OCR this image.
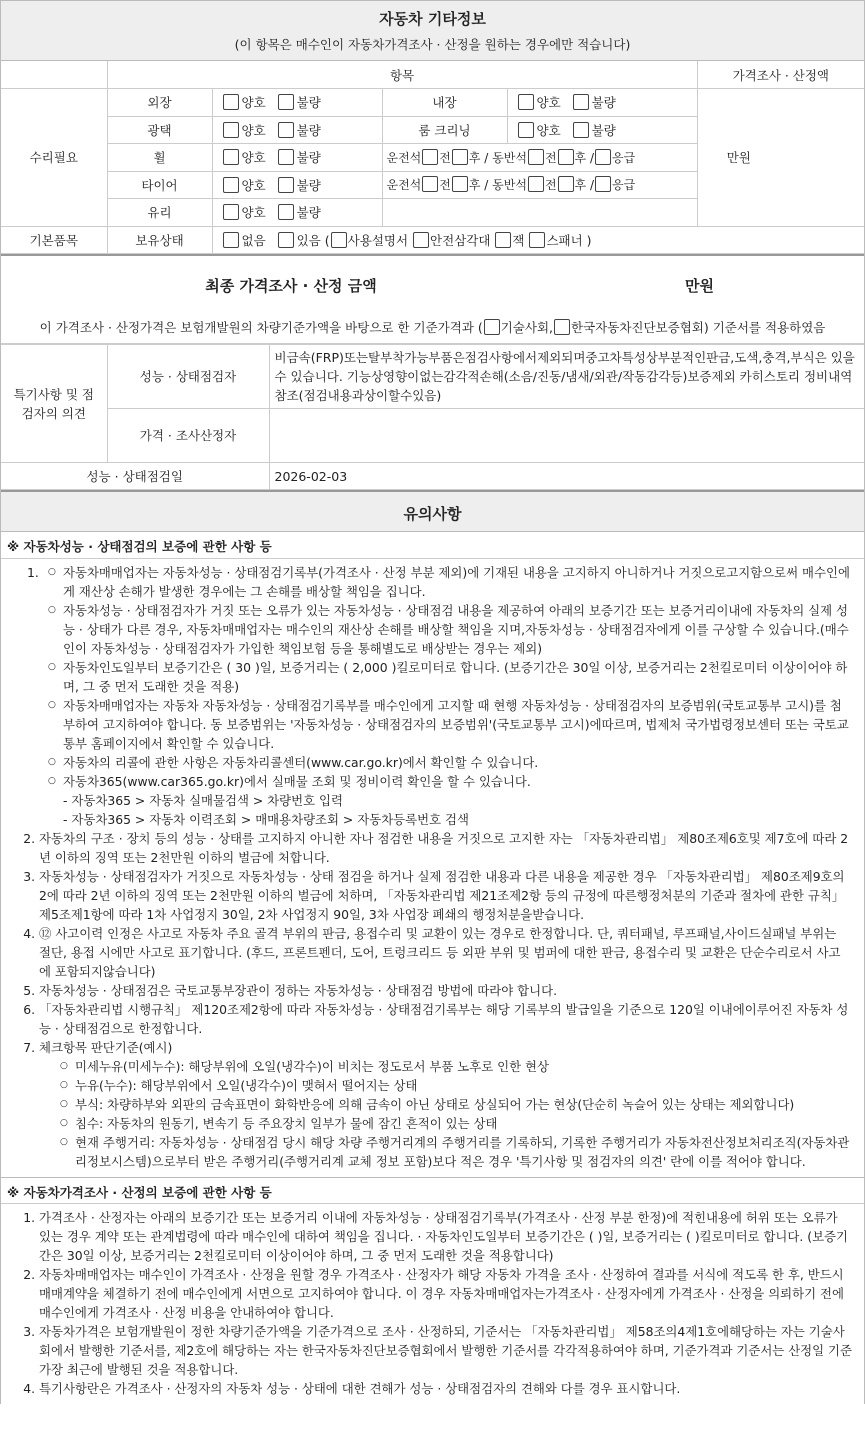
자동차 기타정보
(이 항목은 매수인이 자동차가격조사 · 산정을 원하는 경우에만 적습니다)
	항목				가격조사 · 산정액	
수리필요	외장	양호 불량	내장	양호 불량	만원	
	광택	양호 불량	룸 크리닝	양호 불량		
	휠	양호 불량	운전석 전 후 / 동반석 전 후 / 응급			
	타이어	양호 불량	운전석 전 후 / 동반석 전 후 / 응급			
	유리	양호 불량				
기본품목	보유상태	없음 있음 ( 사용설명서 안전삼각대 잭 스패너 )				
최종 가격조사 · 산정 금액	만원
이 가격조사 · 산정가격은 보험개발원의 차량기준가액을 바탕으로 한 기준가격과 ( 기술사회, 한국자동차진단보증협회) 기준서를 적용하였음
특기사항 및 점검자의 의견	성능 · 상태점검자	비금속(FRP)또는탈부착가능부품은점검사항에서제외되며중고차특성상부분적인판금,도색,충격,부식은 있을 수 있습니다. 기능상영향이없는감각적손해(소음/진동/냄새/외관/작동감각등)보증제외 카히스토리 정비내역참조(점검내용과상이할수있음)
	가격 · 조사산정자	
성능 · 상태점검일		2026-02-03
유의사항
※ 자동차성능 · 상태점검의 보증에 관한 사항 등
1. ○ 자동차매매업자는 자동차성능 · 상태점검기록부(가격조사 · 산정 부분 제외)에 기재된 내용을 고지하지 아니하거나 거짓으로고지함으로써 매수인에게 재산상 손해가 발생한 경우에는 그 손해를 배상할 책임을 집니다.
○ 자동차성능 · 상태점검자가 거짓 또는 오류가 있는 자동차성능 · 상태점검 내용을 제공하여 아래의 보증기간 또는 보증거리이내에 자동차의 실제 성능 · 상태가 다른 경우, 자동차매매업자는 매수인의 재산상 손해를 배상할 책임을 지며,자동차성능 · 상태점검자에게 이를 구상할 수 있습니다.(매수인이 자동차성능 · 상태점검자가 가입한 책임보험 등을 통해별도로 배상받는 경우는 제외)
○ 자동차인도일부터 보증기간은 ( 30 )일, 보증거리는 ( 2,000 )킬로미터로 합니다. (보증기간은 30일 이상, 보증거리는 2천킬로미터 이상이어야 하며, 그 중 먼저 도래한 것을 적용)
○ 자동차매매업자는 자동차 자동차성능 · 상태점검기록부를 매수인에게 고지할 때 현행 자동차성능 · 상태점검자의 보증범위(국토교통부 고시)를 첨부하여 고지하여야 합니다. 동 보증범위는 '자동차성능 · 상태점검자의 보증범위'(국토교통부 고시)에따르며, 법제처 국가법령정보센터 또는 국토교통부 홈페이지에서 확인할 수 있습니다.
○ 자동차의 리콜에 관한 사항은 자동차리콜센터(www.car.go.kr)에서 확인할 수 있습니다.
○ 자동차365(www.car365.go.kr)에서 실매물 조회 및 정비이력 확인을 할 수 있습니다.
- 자동차365 > 자동차 실매물검색 > 차량번호 입력
- 자동차365 > 자동차 이력조회 > 매매용차량조회 > 자동차등록번호 검색
2. 자동차의 구조 · 장치 등의 성능 · 상태를 고지하지 아니한 자나 점검한 내용을 거짓으로 고지한 자는 「자동차관리법」 제80조제6호및 제7호에 따라 2년 이하의 징역 또는 2천만원 이하의 벌금에 처합니다.
3. 자동차성능 · 상태점검자가 거짓으로 자동차성능 · 상태 점검을 하거나 실제 점검한 내용과 다른 내용을 제공한 경우 「자동차관리법」 제80조제9호의2에 따라 2년 이하의 징역 또는 2천만원 이하의 벌금에 처하며, 「자동차관리법 제21조제2항 등의 규정에 따른행정처분의 기준과 절차에 관한 규칙」 제5조제1항에 따라 1차 사업정지 30일, 2차 사업정지 90일, 3차 사업장 폐쇄의 행정처분을받습니다.
4. ⑫ 사고이력 인정은 사고로 자동차 주요 골격 부위의 판금, 용접수리 및 교환이 있는 경우로 한정합니다. 단, 쿼터패널, 루프패널,사이드실패널 부위는 절단, 용접 시에만 사고로 표기합니다. (후드, 프론트펜더, 도어, 트렁크리드 등 외판 부위 및 범퍼에 대한 판금, 용접수리 및 교환은 단순수리로서 사고에 포함되지않습니다)
5. 자동차성능 · 상태점검은 국토교통부장관이 정하는 자동차성능 · 상태점검 방법에 따라야 합니다.
6. 「자동차관리법 시행규칙」 제120조제2항에 따라 자동차성능 · 상태점검기록부는 해당 기록부의 발급일을 기준으로 120일 이내에이루어진 자동차 성능 · 상태점검으로 한정합니다.
7. 체크항목 판단기준(예시)
○ 미세누유(미세누수): 해당부위에 오일(냉각수)이 비치는 정도로서 부품 노후로 인한 현상
○ 누유(누수): 해당부위에서 오일(냉각수)이 맺혀서 떨어지는 상태
○ 부식: 차량하부와 외판의 금속표면이 화학반응에 의해 금속이 아닌 상태로 상실되어 가는 현상(단순히 녹슬어 있는 상태는 제외합니다)
○ 침수: 자동차의 원동기, 변속기 등 주요장치 일부가 물에 잠긴 흔적이 있는 상태
○ 현재 주행거리: 자동차성능 · 상태점검 당시 해당 차량 주행거리계의 주행거리를 기록하되, 기록한 주행거리가 자동차전산정보처리조직(자동차관리정보시스템)으로부터 받은 주행거리(주행거리계 교체 정보 포함)보다 적은 경우 '특기사항 및 점검자의 의견' 란에 이를 적어야 합니다.
※ 자동차가격조사 · 산정의 보증에 관한 사항 등
1. 가격조사 · 산정자는 아래의 보증기간 또는 보증거리 이내에 자동차성능 · 상태점검기록부(가격조사 · 산정 부분 한정)에 적힌내용에 허위 또는 오류가 있는 경우 계약 또는 관계법령에 따라 매수인에 대하여 책임을 집니다. · 자동차인도일부터 보증기간은 ( )일, 보증거리는 ( )킬로미터로 합니다. (보증기간은 30일 이상, 보증거리는 2천킬로미터 이상이어야 하며, 그 중 먼저 도래한 것을 적용합니다)
2. 자동차매매업자는 매수인이 가격조사 · 산정을 원할 경우 가격조사 · 산정자가 해당 자동차 가격을 조사 · 산정하여 결과를 서식에 적도록 한 후, 반드시 매매계약을 체결하기 전에 매수인에게 서면으로 고지하여야 합니다. 이 경우 자동차매매업자는가격조사 · 산정자에게 가격조사 · 산정을 의뢰하기 전에 매수인에게 가격조사 · 산정 비용을 안내하여야 합니다.
3. 자동차가격은 보험개발원이 정한 차량기준가액을 기준가격으로 조사 · 산정하되, 기준서는 「자동차관리법」 제58조의4제1호에해당하는 자는 기술사회에서 발행한 기준서를, 제2호에 해당하는 자는 한국자동차진단보증협회에서 발행한 기준서를 각각적용하여야 하며, 기준가격과 기준서는 산정일 기준 가장 최근에 발행된 것을 적용합니다.
4. 특기사항란은 가격조사 · 산정자의 자동차 성능 · 상태에 대한 견해가 성능 · 상태점검자의 견해와 다를 경우 표시합니다.
